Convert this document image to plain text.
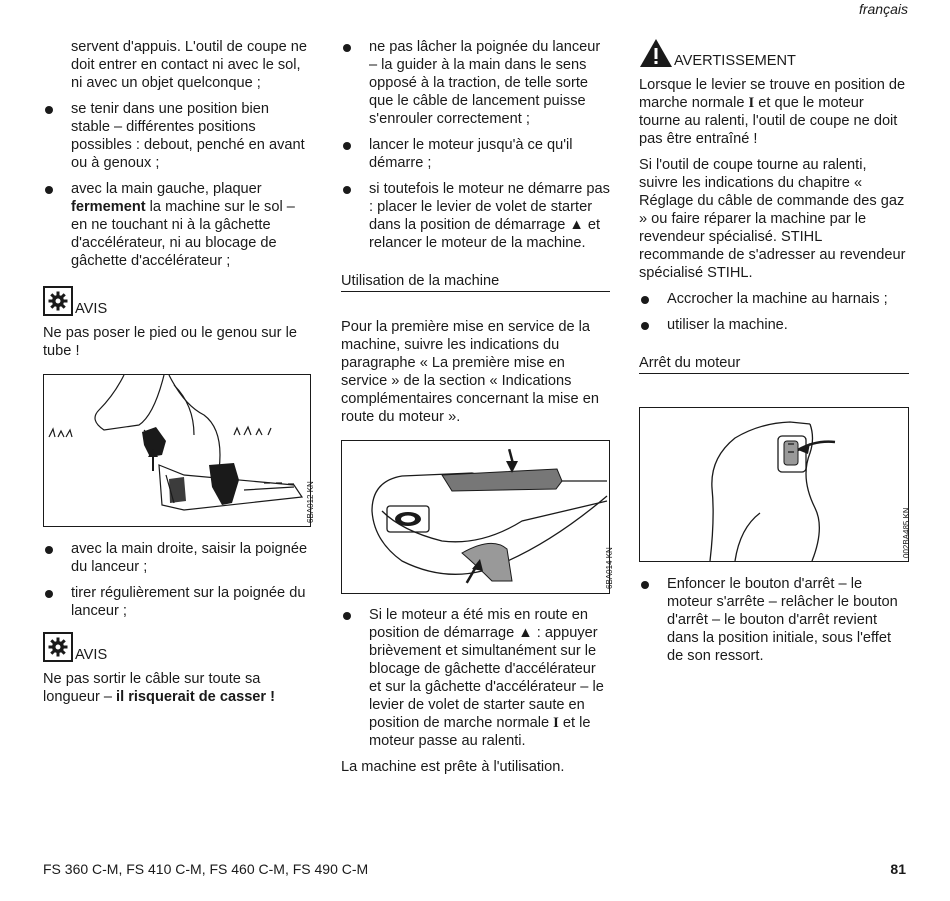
français

servent d'appuis. L'outil de coupe ne doit entrer en contact ni avec le sol, ni avec un objet quelconque ;

se tenir dans une position bien stable – différentes positions possibles : debout, penché en avant ou à genoux ;

avec la main gauche, plaquer fermement la machine sur le sol – en ne touchant ni à la gâchette d'accélérateur, ni au blocage de gâchette d'accélérateur ;

AVIS

Ne pas poser le pied ou le genou sur le tube !

6BA012 KN

avec la main droite, saisir la poignée du lanceur ;

tirer régulièrement sur la poignée du lanceur ;

AVIS

Ne pas sortir le câble sur toute sa longueur – il risquerait de casser !

ne pas lâcher la poignée du lanceur – la guider à la main dans le sens opposé à la traction, de telle sorte que le câble de lancement puisse s'enrouler correctement ;

lancer le moteur jusqu'à ce qu'il démarre ;

si toutefois le moteur ne démarre pas : placer le levier de volet de starter dans la position de démarrage ▲ et relancer le moteur de la machine.

Utilisation de la machine

Pour la première mise en service de la machine, suivre les indications du paragraphe « La première mise en service » de la section « Indications complémentaires concernant la mise en route du moteur ».

6BA014 KN

Si le moteur a été mis en route en position de démarrage ▲ : appuyer brièvement et simultanément sur le blocage de gâchette d'accélérateur et sur la gâchette d'accélérateur – le levier de volet de starter saute en position de marche normale I et le moteur passe au ralenti.

La machine est prête à l'utilisation.

AVERTISSEMENT

Lorsque le levier se trouve en position de marche normale I et que le moteur tourne au ralenti, l'outil de coupe ne doit pas être entraîné !

Si l'outil de coupe tourne au ralenti, suivre les indications du chapitre « Réglage du câble de commande des gaz » ou faire réparer la machine par le revendeur spécialisé. STIHL recommande de s'adresser au revendeur spécialisé STIHL.

Accrocher la machine au harnais ;

utiliser la machine.

Arrêt du moteur
002BA485 KN

Enfoncer le bouton d'arrêt – le moteur s'arrête – relâcher le bouton d'arrêt – le bouton d'arrêt revient dans la position initiale, sous l'effet de son ressort.

FS 360 C-M, FS 410 C-M, FS 460 C-M, FS 490 C-M	81
